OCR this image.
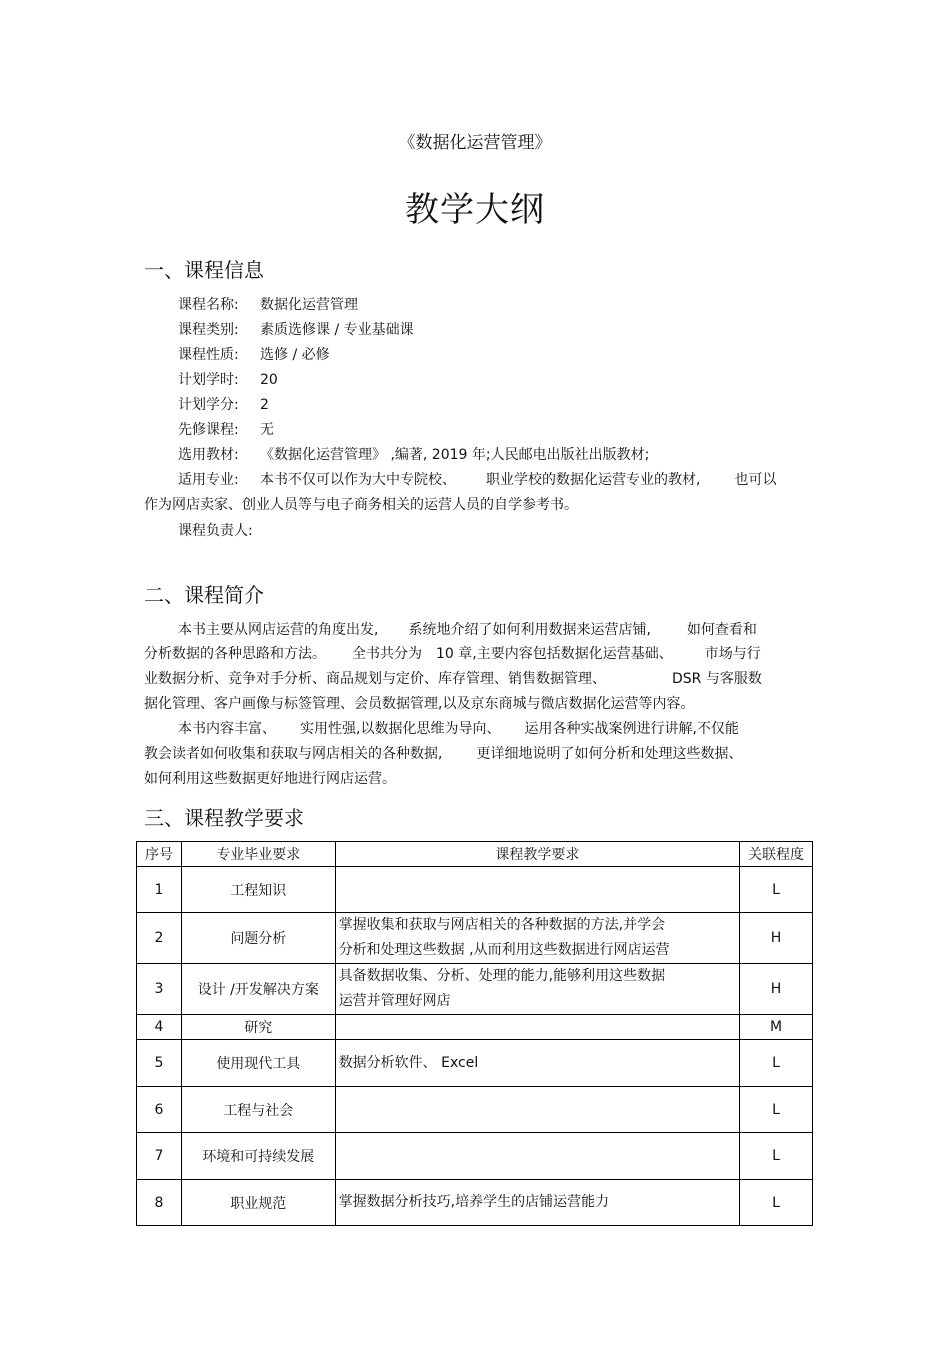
《数据化运营管理》
教学大纲
一、课程信息
课程名称: 数据化运营管理
课程类别: 素质选修课 / 专业基础课
课程性质: 选修 / 必修
计划学时: 20
计划学分: 2
先修课程: 无
选用教材: 《数据化运营管理》 ,编著, 2019 年;人民邮电出版社出版教材;
适用专业: 本书不仅可以作为大中专院校、 职业学校的数据化运营专业的教材, 也可以
作为网店卖家、创业人员等与电子商务相关的运营人员的自学参考书。
课程负责人:
二、课程简介
本书主要从网店运营的角度出发, 系统地介绍了如何利用数据来运营店铺,	如何查看和
分析数据的各种思路和方法。 全书共分为 10 章,主要内容包括数据化运营基础、 市场与行
业数据分析、竞争对手分析、商品规划与定价、库存管理、销售数据管理、	DSR 与客服数
据化管理、客户画像与标签管理、会员数据管理,以及京东商城与微店数据化运营等内容。
本书内容丰富、 实用性强,以数据化思维为导向、 运用各种实战案例进行讲解,不仅能
教会读者如何收集和获取与网店相关的各种数据, 更详细地说明了如何分析和处理这些数据、
如何利用这些数据更好地进行网店运营。
三、课程教学要求
序号	专业毕业要求	课程教学要求	关联程度
1	工程知识		L
2	问题分析	掌握收集和获取与网店相关的各种数据的方法,并学会
分析和处理这些数据 ,从而利用这些数据进行网店运营	H
3	设计 /开发解决方案	具备数据收集、分析、处理的能力,能够利用这些数据
运营并管理好网店	H
4	研究		M
5	使用现代工具	数据分析软件、 Excel	L
6	工程与社会		L
7	环境和可持续发展		L
8	职业规范	掌握数据分析技巧,培养学生的店铺运营能力	L
